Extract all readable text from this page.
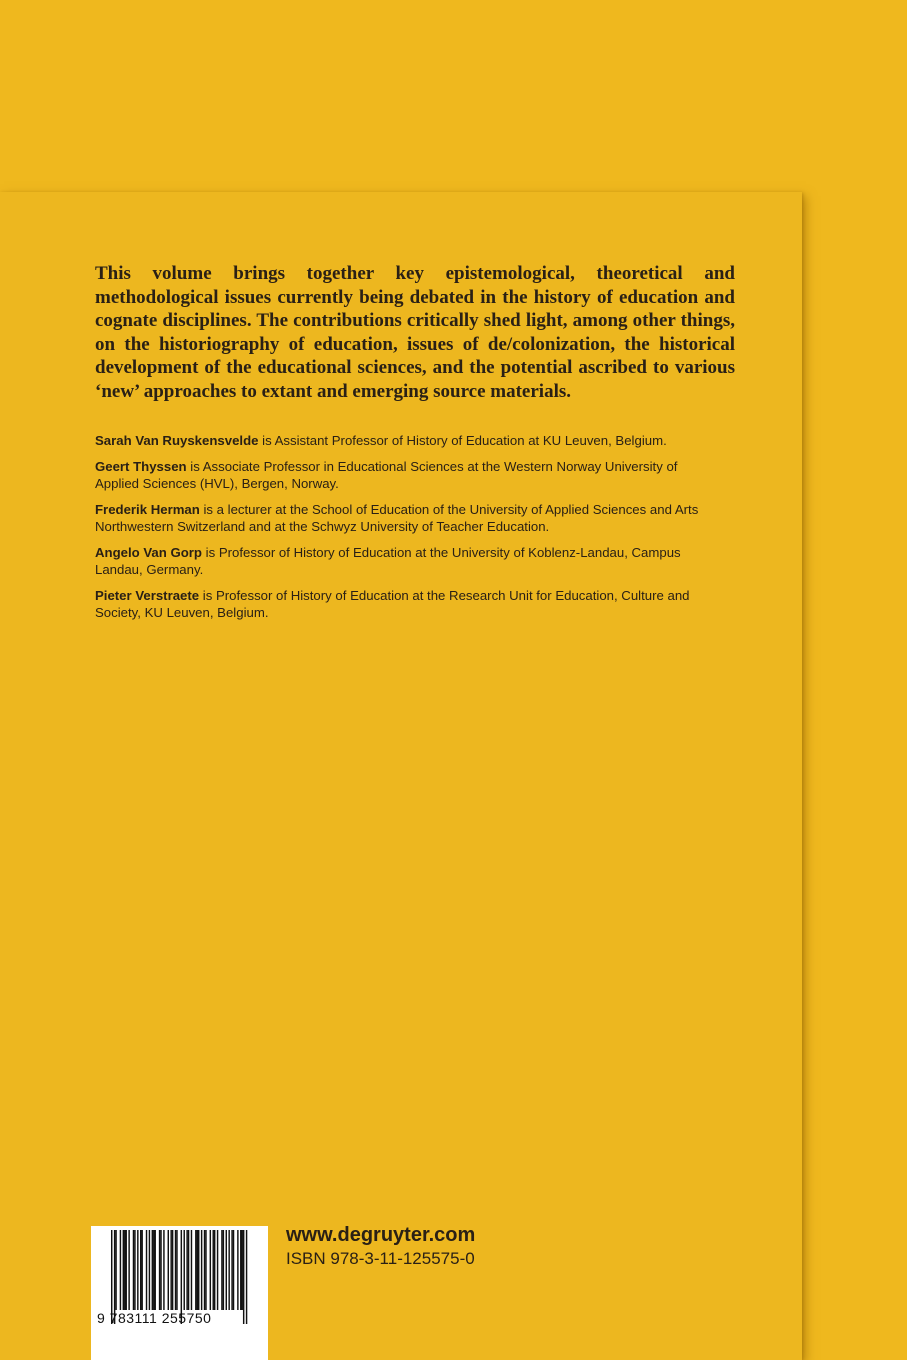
This volume brings together key epistemological, theoretical and methodological issues currently being debated in the history of education and cognate disciplines. The contributions critically shed light, among other things, on the historiography of education, issues of de/colonization, the historical development of the educational sciences, and the potential ascribed to various ‘new’ approaches to extant and emerging source materials.

Sarah Van Ruyskensvelde is Assistant Professor of History of Education at KU Leuven, Belgium.

Geert Thyssen is Associate Professor in Educational Sciences at the Western Norway University of Applied Sciences (HVL), Bergen, Norway.

Frederik Herman is a lecturer at the School of Education of the University of Applied Sciences and Arts Northwestern Switzerland and at the Schwyz University of Teacher Education.

Angelo Van Gorp is Professor of History of Education at the University of Koblenz-Landau, Campus Landau, Germany.

Pieter Verstraete is Professor of History of Education at the Research Unit for Education, Culture and Society, KU Leuven, Belgium.

9 783111 255750

www.degruyter.com

ISBN 978-3-11-125575-0
